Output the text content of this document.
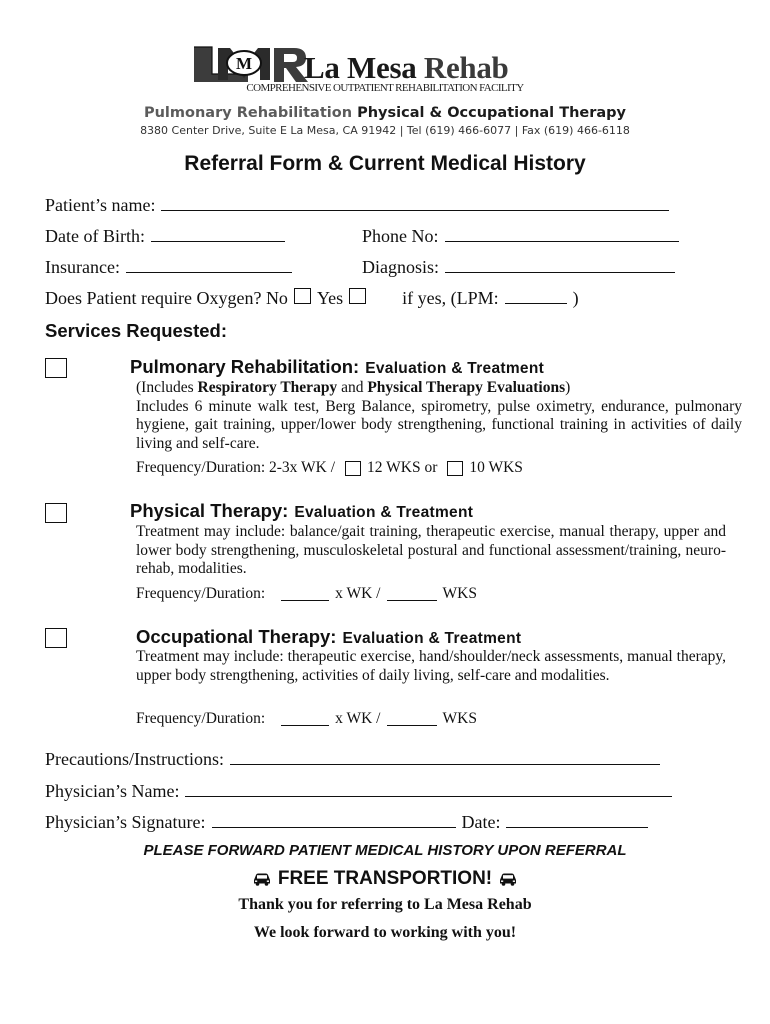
M La Mesa Rehab
COMPREHENSIVE OUTPATIENT REHABILITATION FACILITY
Pulmonary Rehabilitation Physical & Occupational Therapy
8380 Center Drive, Suite E La Mesa, CA 91942 | Tel (619) 466-6077 | Fax (619) 466-6118
Referral Form & Current Medical History
Patient’s name:
Date of Birth:	Phone No:
Insurance:	Diagnosis:
Does Patient require Oxygen?
No Yes	if yes, (LPM:	)
Services Requested:
Pulmonary Rehabilitation: Evaluation & Treatment
(Includes Respiratory Therapy and Physical Therapy Evaluations)
Includes 6 minute walk test, Berg Balance, spirometry, pulse oximetry, endurance, pulmonary hygiene, gait training, upper/lower body strengthening, functional training in activities of daily living and self-care.
Frequency/Duration: 2-3x WK / 12 WKS or 10 WKS
Physical Therapy: Evaluation & Treatment
Treatment may include: balance/gait training, therapeutic exercise, manual therapy, upper and lower body strengthening, musculoskeletal postural and functional assessment/training, neuro-rehab, modalities.
Frequency/Duration:	x WK /	WKS
Occupational Therapy: Evaluation & Treatment
Treatment may include: therapeutic exercise, hand/shoulder/neck assessments, manual therapy, upper body strengthening, activities of daily living, self-care and modalities.
Frequency/Duration:	x WK /	WKS
Precautions/Instructions:
Physician’s Name:
Physician’s Signature:	Date:
PLEASE FORWARD PATIENT MEDICAL HISTORY UPON REFERRAL
FREE TRANSPORTION!
Thank you for referring to La Mesa Rehab
We look forward to working with you!
